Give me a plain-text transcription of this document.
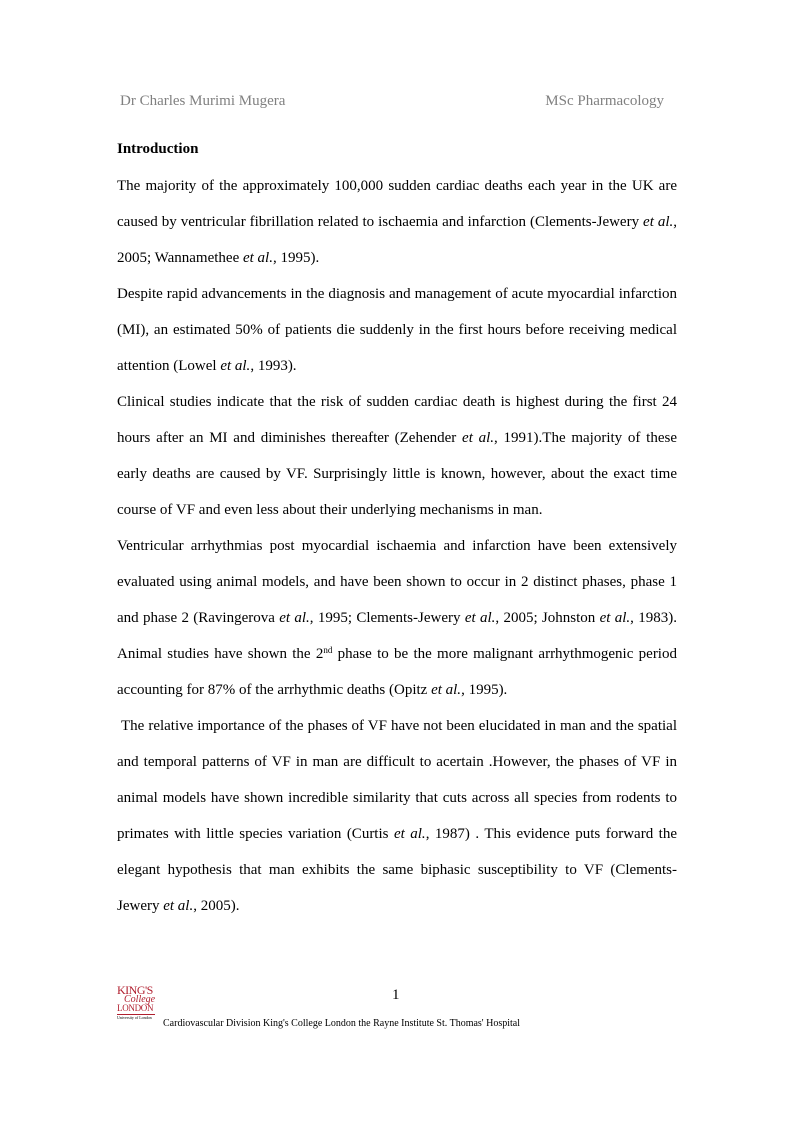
Dr Charles Murimi Mugera	MSc Pharmacology
Introduction

The majority of the approximately 100,000 sudden cardiac deaths each year in the UK are caused by ventricular fibrillation related to ischaemia and infarction (Clements-Jewery et al., 2005; Wannamethee et al., 1995).

Despite rapid advancements in the diagnosis and management of acute myocardial infarction (MI), an estimated 50% of patients die suddenly in the first hours before receiving medical attention (Lowel et al., 1993).

Clinical studies indicate that the risk of sudden cardiac death is highest during the first 24 hours after an MI and diminishes thereafter (Zehender et al., 1991).The majority of these early deaths are caused by VF. Surprisingly little is known, however, about the exact time course of VF and even less about their underlying mechanisms in man.

Ventricular arrhythmias post myocardial ischaemia and infarction have been extensively evaluated using animal models, and have been shown to occur in 2 distinct phases, phase 1 and phase 2 (Ravingerova et al., 1995; Clements-Jewery et al., 2005; Johnston et al., 1983). Animal studies have shown the 2nd phase to be the more malignant arrhythmogenic period accounting for 87% of the arrhythmic deaths (Opitz et al., 1995).

The relative importance of the phases of VF have not been elucidated in man and the spatial and temporal patterns of VF in man are difficult to acertain .However, the phases of VF in animal models have shown incredible similarity that cuts across all species from rodents to primates with little species variation (Curtis et al., 1987) . This evidence puts forward the elegant hypothesis that man exhibits the same biphasic susceptibility to VF (Clements-Jewery et al., 2005).

KING'S
College
LONDON
University of London
1
Cardiovascular Division King's College London the Rayne Institute St. Thomas' Hospital
